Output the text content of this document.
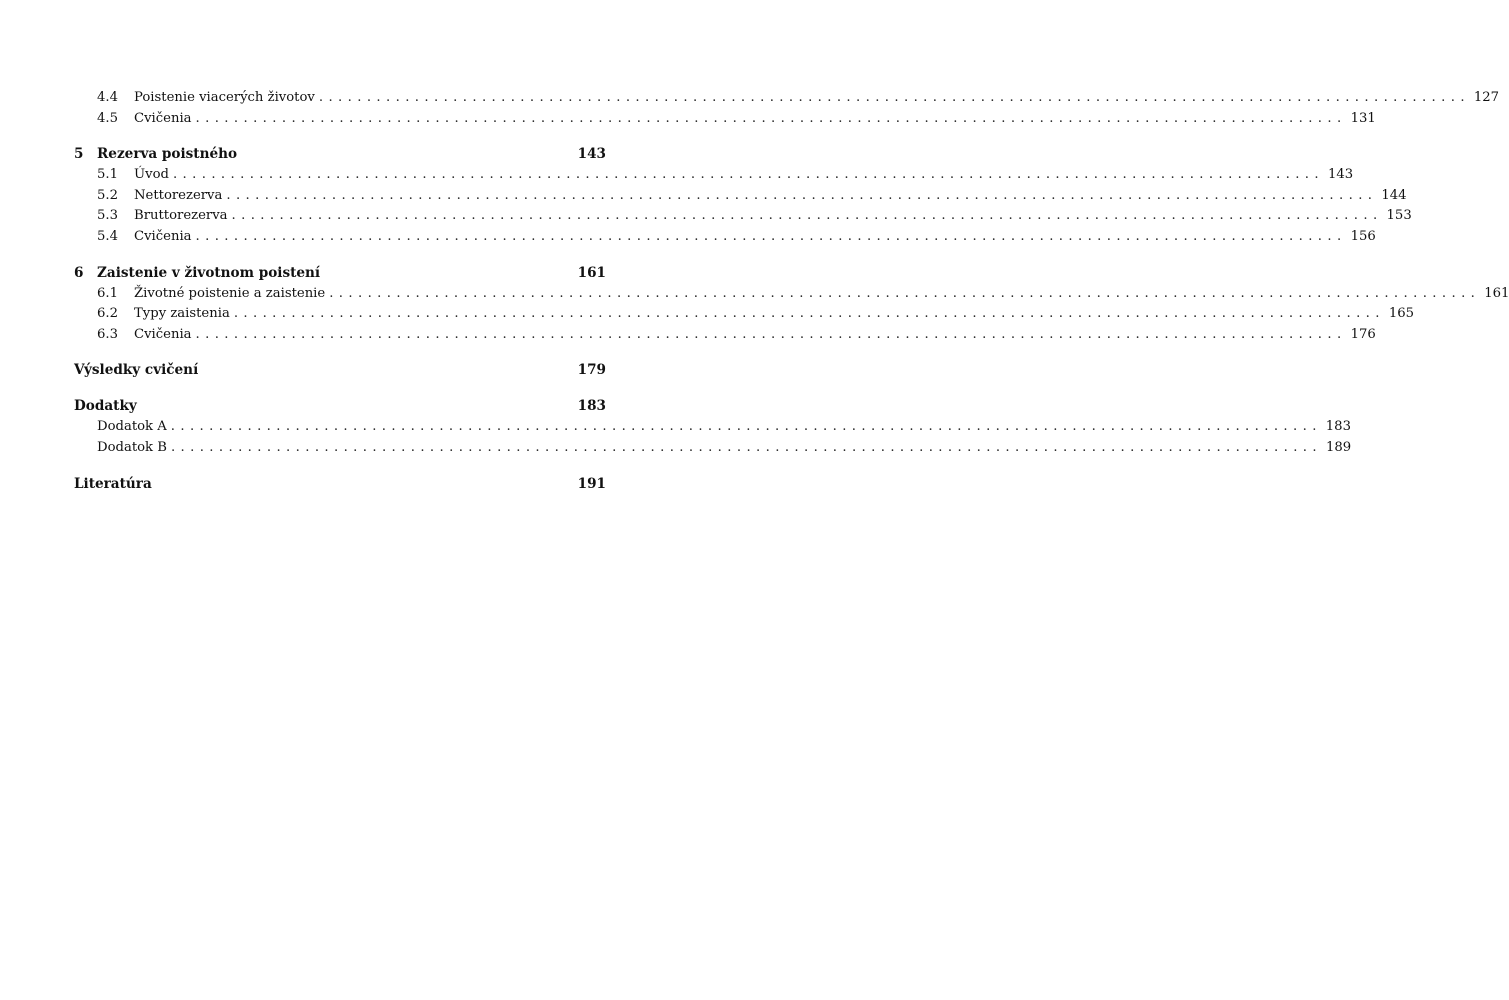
4.4	Poistenie viacerých životov ........................................................................................................................ 127
4.5	Cvičenia ........................................................................................................................ 131
5 Rezerva poistného	143
5.1	Úvod ........................................................................................................................ 143
5.2	Nettorezerva ........................................................................................................................ 144
5.3	Bruttorezerva ........................................................................................................................ 153
5.4	Cvičenia ........................................................................................................................ 156
6 Zaistenie v životnom poistení	161
6.1	Životné poistenie a zaistenie ........................................................................................................................ 161
6.2	Typy zaistenia ........................................................................................................................ 165
6.3	Cvičenia ........................................................................................................................ 176
Výsledky cvičení	179
Dodatky	183
Dodatok A ........................................................................................................................ 183
Dodatok B ........................................................................................................................ 189
Literatúra	191
